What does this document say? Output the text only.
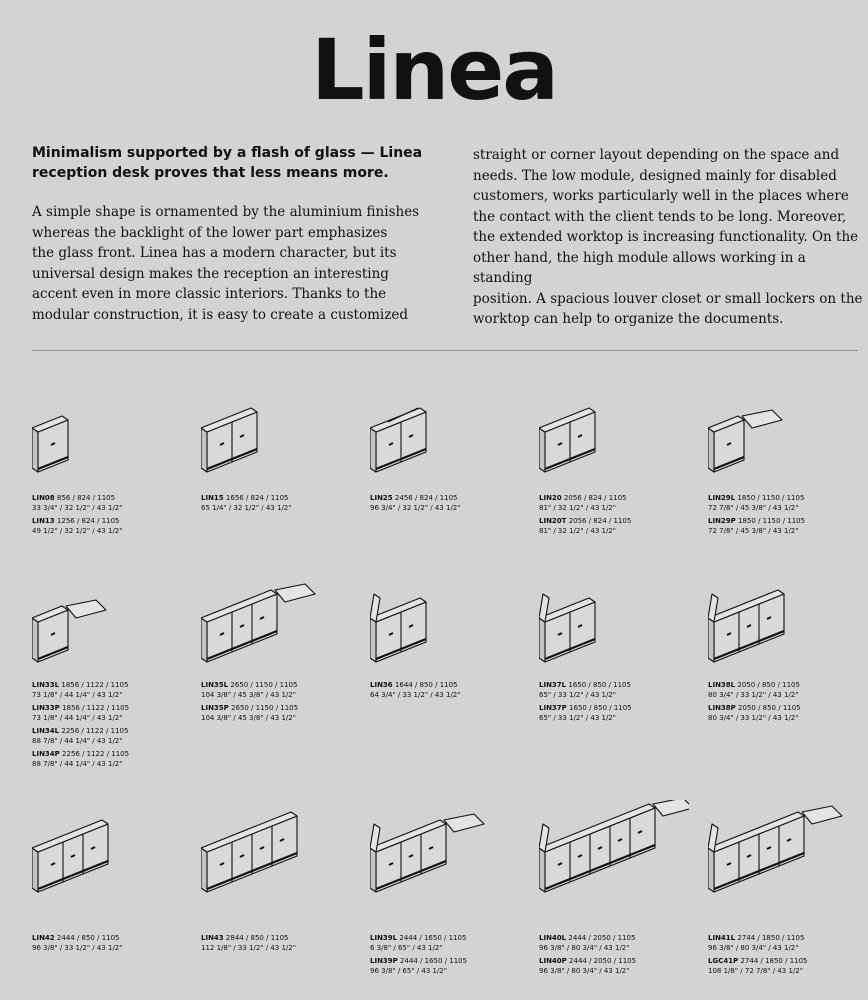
Linea

Minimalism supported by a flash of glass — Linea
reception desk proves that less means more.

A simple shape is ornamented by the aluminium finishes
whereas the backlight of the lower part emphasizes
the glass front. Linea has a modern character, but its
universal design makes the reception an interesting
accent even in more classic interiors. Thanks to the
modular construction, it is easy to create a customized

straight or corner layout depending on the space and
needs. The low module, designed mainly for disabled
customers, works particularly well in the places where
the contact with the client tends to be long. Moreover,
the extended worktop is increasing functionality. On the
other hand, the high module allows working in a standing
position. A spacious louver closet or small lockers on the
worktop can help to organize the documents.

LIN08 856 / 824 / 1105
33 3/4" / 32 1/2" / 43 1/2"
LIN13 1256 / 824 / 1105
49 1/2" / 32 1/2" / 43 1/2"
LIN15 1656 / 824 / 1105
65 1/4" / 32 1/2" / 43 1/2"
LIN25 2456 / 824 / 1105
96 3/4" / 32 1/2" / 43 1/2"
LIN20 2056 / 824 / 1105
81" / 32 1/2" / 43 1/2"
LIN20T 2056 / 824 / 1105
81" / 32 1/2" / 43 1/2"
LIN29L 1850 / 1150 / 1105
72 7/8" / 45 3/8" / 43 1/2"
LIN29P 1850 / 1150 / 1105
72 7/8" / 45 3/8" / 43 1/2"
LIN33L 1856 / 1122 / 1105
73 1/8" / 44 1/4" / 43 1/2"
LIN33P 1856 / 1122 / 1105
73 1/8" / 44 1/4" / 43 1/2"
LIN34L 2256 / 1122 / 1105
88 7/8" / 44 1/4" / 43 1/2"
LIN34P 2256 / 1122 / 1105
88 7/8" / 44 1/4" / 43 1/2"
LIN35L 2650 / 1150 / 1105
104 3/8" / 45 3/8" / 43 1/2"
LIN35P 2650 / 1150 / 1105
104 3/8" / 45 3/8" / 43 1/2"
LIN36 1644 / 850 / 1105
64 3/4" / 33 1/2" / 43 1/2"
LIN37L 1650 / 850 / 1105
65" / 33 1/2" / 43 1/2"
LIN37P 1650 / 850 / 1105
65" / 33 1/2" / 43 1/2"
LIN38L 2050 / 850 / 1105
80 3/4" / 33 1/2" / 43 1/2"
LIN38P 2050 / 850 / 1105
80 3/4" / 33 1/2" / 43 1/2"
LIN42 2444 / 850 / 1105
96 3/8" / 33 1/2" / 43 1/2"
LIN43 2844 / 850 / 1105
112 1/8" / 33 1/2" / 43 1/2"
LIN39L 2444 / 1650 / 1105
6 3/8" / 65" / 43 1/2"
LIN39P 2444 / 1650 / 1105
96 3/8" / 65" / 43 1/2"
LIN40L 2444 / 2050 / 1105
96 3/8" / 80 3/4" / 43 1/2"
LIN40P 2444 / 2050 / 1105
96 3/8" / 80 3/4" / 43 1/2"
LIN41L 2744 / 1850 / 1105
96 3/8" / 80 3/4" / 43 1/2"
LGC41P 2744 / 1850 / 1105
108 1/8" / 72 7/8" / 43 1/2"
